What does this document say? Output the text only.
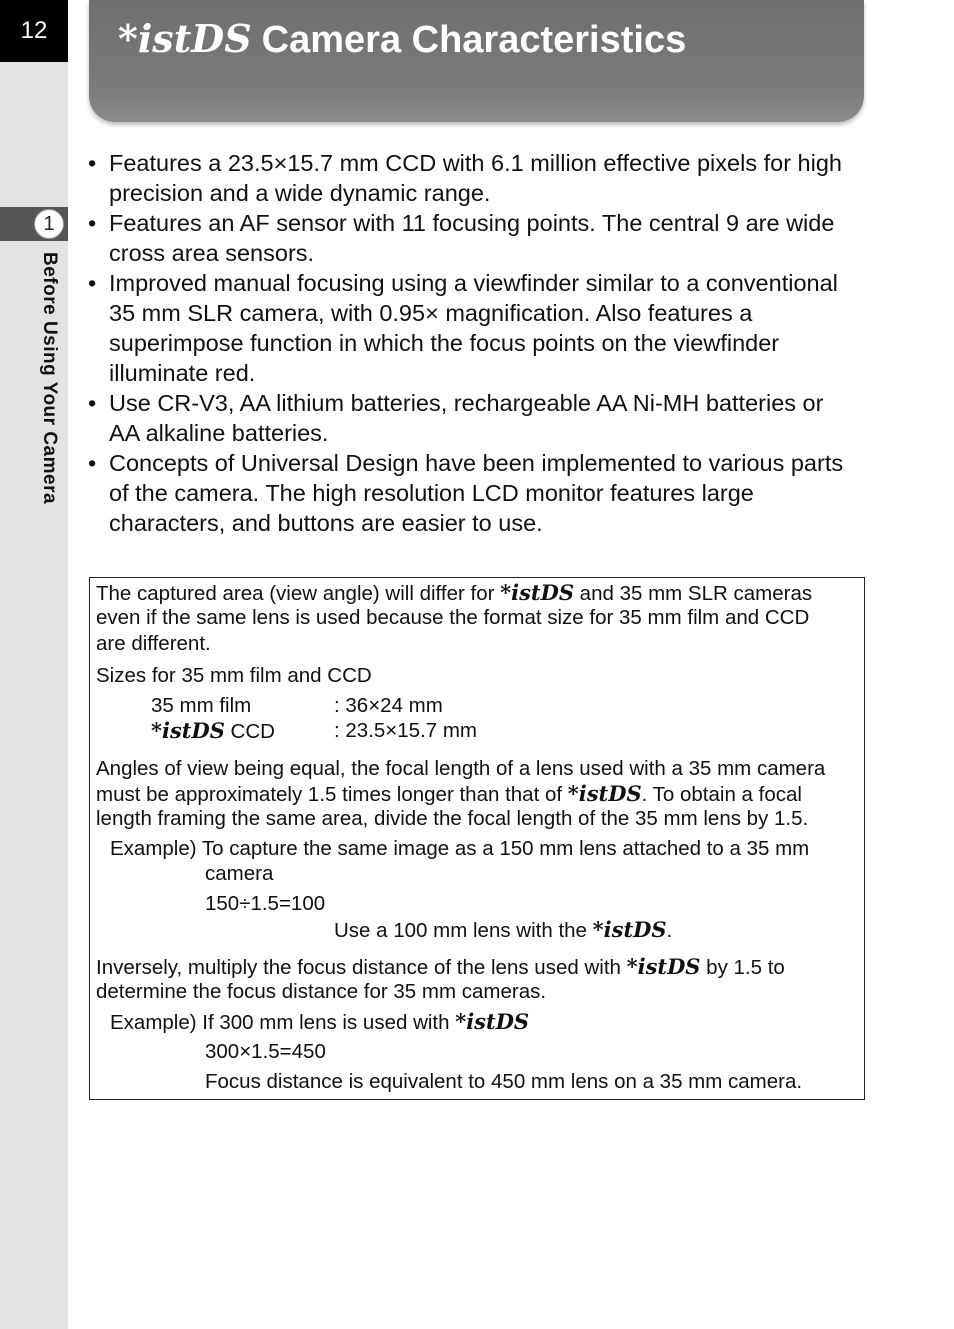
12
1
Before Using Your Camera
*istDS Camera Characteristics
• Features a 23.5×15.7 mm CCD with 6.1 million effective pixels for high
precision and a wide dynamic range.
• Features an AF sensor with 11 focusing points. The central 9 are wide
cross area sensors.
• Improved manual focusing using a viewfinder similar to a conventional
35 mm SLR camera, with 0.95× magnification. Also features a
superimpose function in which the focus points on the viewfinder
illuminate red.
• Use CR-V3, AA lithium batteries, rechargeable AA Ni-MH batteries or
AA alkaline batteries.
• Concepts of Universal Design have been implemented to various parts
of the camera. The high resolution LCD monitor features large
characters, and buttons are easier to use.
The captured area (view angle) will differ for *istDS and 35 mm SLR cameras
even if the same lens is used because the format size for 35 mm film and CCD
are different.
Sizes for 35 mm film and CCD
35 mm film	: 36×24 mm
*istDS CCD	: 23.5×15.7 mm
Angles of view being equal, the focal length of a lens used with a 35 mm camera
must be approximately 1.5 times longer than that of *istDS. To obtain a focal
length framing the same area, divide the focal length of the 35 mm lens by 1.5.
Example) To capture the same image as a 150 mm lens attached to a 35 mm
camera
150÷1.5=100
Use a 100 mm lens with the *istDS.
Inversely, multiply the focus distance of the lens used with *istDS by 1.5 to
determine the focus distance for 35 mm cameras.
Example) If 300 mm lens is used with *istDS
300×1.5=450
Focus distance is equivalent to 450 mm lens on a 35 mm camera.
